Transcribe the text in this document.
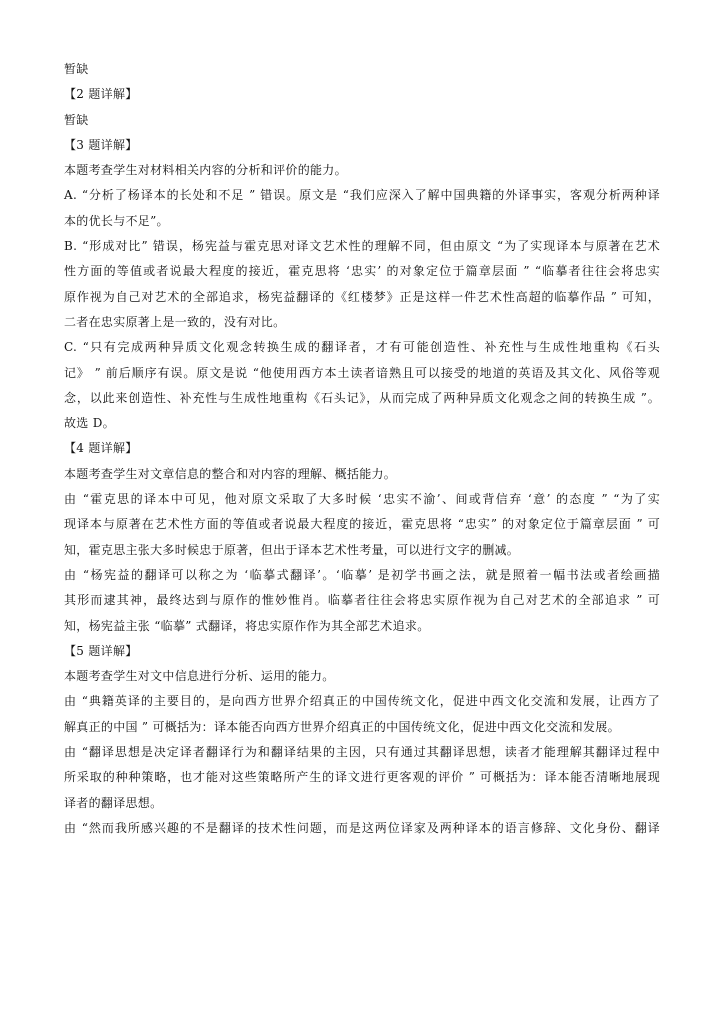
暂缺
【2 题详解】
暂缺
【3 题详解】
本题考查学生对材料相关内容的分析和评价的能力。
A. “分析了杨译本的长处和不足 ” 错误。原文是 “我们应深入了解中国典籍的外译事实，客观分析两种译
本的优长与不足”。
B. “形成对比” 错误，杨宪益与霍克思对译文艺术性的理解不同，但由原文 “为了实现译本与原著在艺术
性方面的等值或者说最大程度的接近，霍克思将 ‘忠实’ 的对象定位于篇章层面 ” “临摹者往往会将忠实
原作视为自己对艺术的全部追求，杨宪益翻译的《红楼梦》正是这样一件艺术性高超的临摹作品 ” 可知，
二者在忠实原著上是一致的，没有对比。
C. “只有完成两种异质文化观念转换生成的翻译者，才有可能创造性、补充性与生成性地重构《石头
记》 ” 前后顺序有误。原文是说 “他使用西方本土读者谙熟且可以接受的地道的英语及其文化、风俗等观
念，以此来创造性、补充性与生成性地重构《石头记》，从而完成了两种异质文化观念之间的转换生成 ”。
故选 D。
【4 题详解】
本题考查学生对文章信息的整合和对内容的理解、概括能力。
由 “霍克思的译本中可见，他对原文采取了大多时候 ‘忠实不渝’、间或背信弃 ‘意’ 的态度 ” “为了实
现译本与原著在艺术性方面的等值或者说最大程度的接近，霍克思将 “忠实” 的对象定位于篇章层面 ” 可
知，霍克思主张大多时候忠于原著，但出于译本艺术性考量，可以进行文字的删减。
由 “杨宪益的翻译可以称之为 ‘临摹式翻译’。‘临摹’ 是初学书画之法，就是照着一幅书法或者绘画描
其形而逮其神，最终达到与原作的惟妙惟肖。临摹者往往会将忠实原作视为自己对艺术的全部追求 ” 可
知，杨宪益主张 “临摹” 式翻译，将忠实原作作为其全部艺术追求。
【5 题详解】
本题考查学生对文中信息进行分析、运用的能力。
由 “典籍英译的主要目的，是向西方世界介绍真正的中国传统文化，促进中西文化交流和发展，让西方了
解真正的中国 ” 可概括为：译本能否向西方世界介绍真正的中国传统文化，促进中西文化交流和发展。
由 “翻译思想是决定译者翻译行为和翻译结果的主因，只有通过其翻译思想，读者才能理解其翻译过程中
所采取的种种策略，也才能对这些策略所产生的译文进行更客观的评价 ” 可概括为：译本能否清晰地展现
译者的翻译思想。
由 “然而我所感兴趣的不是翻译的技术性问题，而是这两位译家及两种译本的语言修辞、文化身份、翻译
